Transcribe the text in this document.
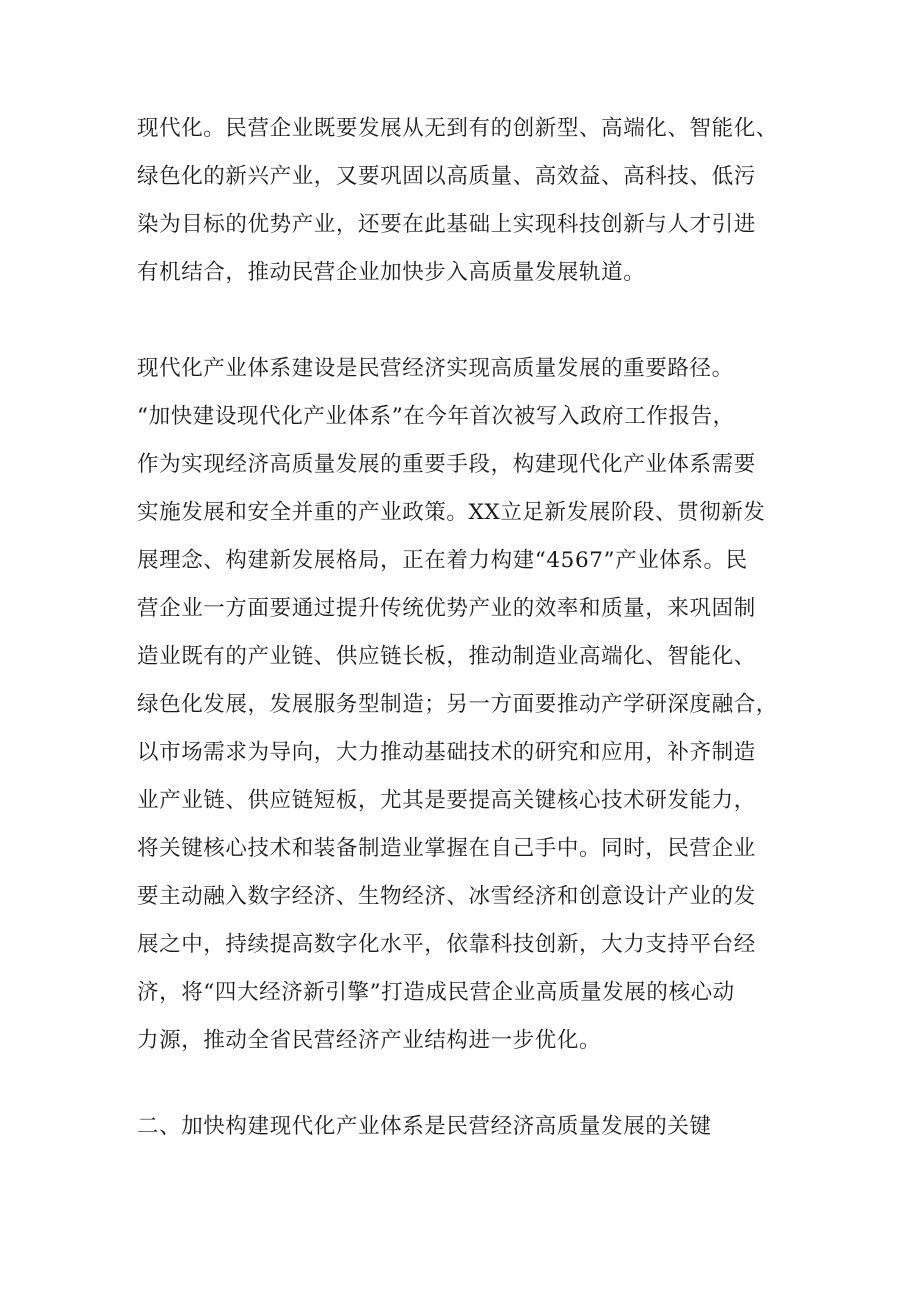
现代化。民营企业既要发展从无到有的创新型、高端化、智能化、
绿色化的新兴产业，又要巩固以高质量、高效益、高科技、低污
染为目标的优势产业，还要在此基础上实现科技创新与人才引进
有机结合，推动民营企业加快步入高质量发展轨道。
现代化产业体系建设是民营经济实现高质量发展的重要路径。
“加快建设现代化产业体系”在今年首次被写入政府工作报告，
作为实现经济高质量发展的重要手段，构建现代化产业体系需要
实施发展和安全并重的产业政策。XX立足新发展阶段、贯彻新发
展理念、构建新发展格局，正在着力构建“4567”产业体系。民
营企业一方面要通过提升传统优势产业的效率和质量，来巩固制
造业既有的产业链、供应链长板，推动制造业高端化、智能化、
绿色化发展，发展服务型制造；另一方面要推动产学研深度融合，
以市场需求为导向，大力推动基础技术的研究和应用，补齐制造
业产业链、供应链短板，尤其是要提高关键核心技术研发能力，
将关键核心技术和装备制造业掌握在自己手中。同时，民营企业
要主动融入数字经济、生物经济、冰雪经济和创意设计产业的发
展之中，持续提高数字化水平，依靠科技创新，大力支持平台经
济，将“四大经济新引擎”打造成民营企业高质量发展的核心动
力源，推动全省民营经济产业结构进一步优化。
二、加快构建现代化产业体系是民营经济高质量发展的关键
